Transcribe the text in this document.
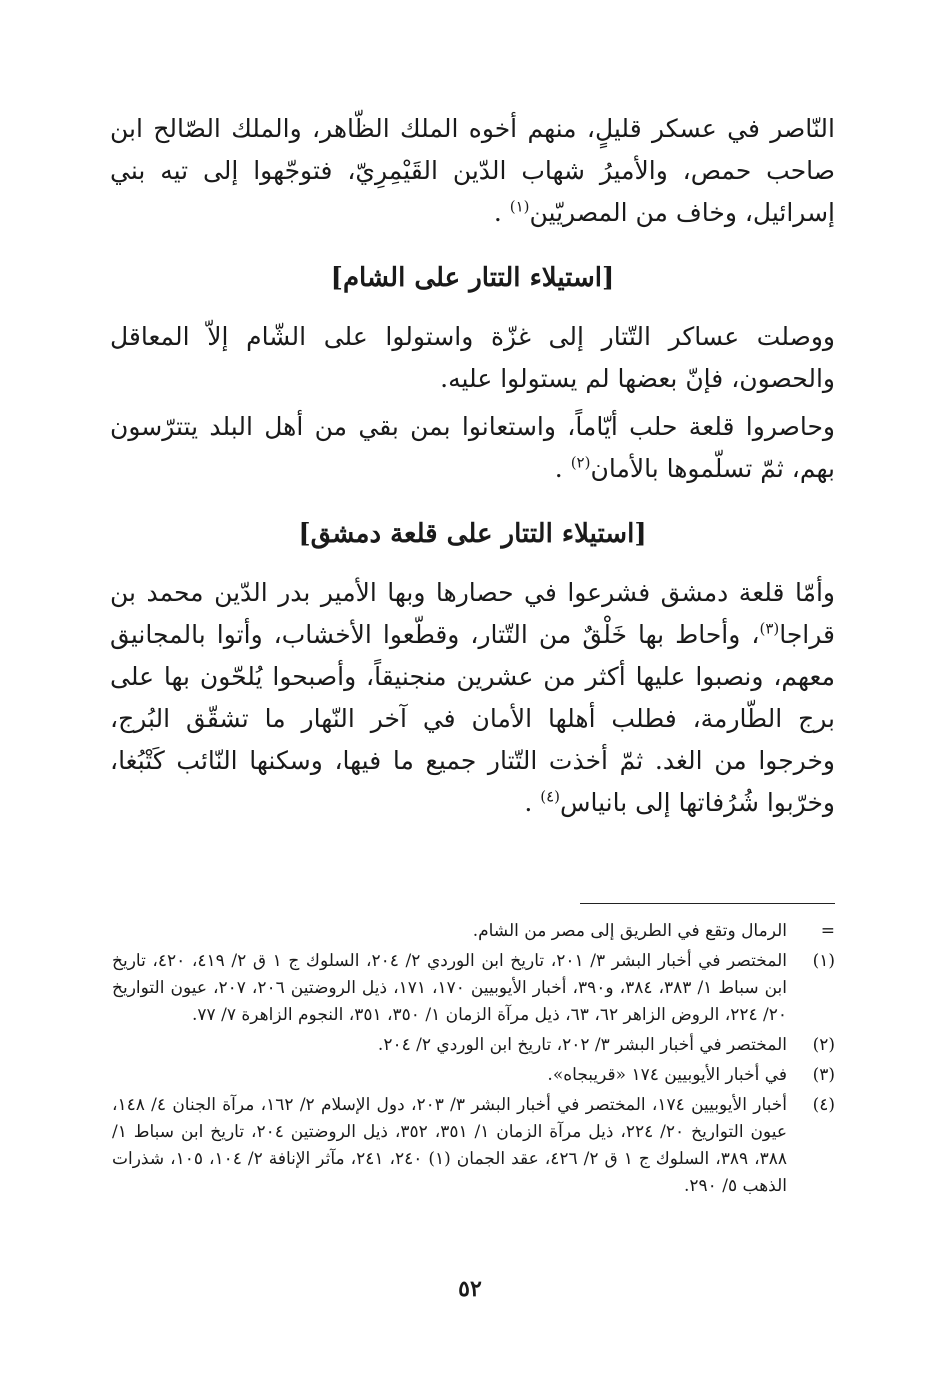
النّاصر في عسكر قليلٍ، منهم أخوه الملك الظّاهر، والملك الصّالح ابن صاحب حمص، والأميرُ شهاب الدّين القَيْمِرِيّ، فتوجّهوا إلى تيه بني إسرائيل، وخاف من المصريّين$^{(١)}$ .

[استيلاء التتار على الشام]

ووصلت عساكر التّتار إلى غزّة واستولوا على الشّام إلاّ المعاقل والحصون، فإنّ بعضها لم يستولوا عليه.

وحاصروا قلعة حلب أيّاماً، واستعانوا بمن بقي من أهل البلد يتترّسون بهم، ثمّ تسلّموها بالأمان$^{(٢)}$ .

[استيلاء التتار على قلعة دمشق]

وأمّا قلعة دمشق فشرعوا في حصارها وبها الأمير بدر الدّين محمد بن قراجا$^{(٣)}$، وأحاط بها خَلْقٌ من التّتار، وقطّعوا الأخشاب، وأتوا بالمجانيق معهم، ونصبوا عليها أكثر من عشرين منجنيقاً، وأصبحوا يُلحّون بها على برج الطّارمة، فطلب أهلها الأمان في آخر النّهار ما تشقّق البُرج، وخرجوا من الغد. ثمّ أخذت التّتار جميع ما فيها، وسكنها النّائب كَتْبُغا، وخرّبوا شُرُفاتها إلى بانياس$^{(٤)}$ .

=
الرمال وتقع في الطريق إلى مصر من الشام.
(١)
المختصر في أخبار البشر ٣/ ٢٠١، تاريخ ابن الوردي ٢/ ٢٠٤، السلوك ج ١ ق ٢/ ٤١٩، ٤٢٠، تاريخ ابن سباط ١/ ٣٨٣، ٣٨٤، و٣٩٠، أخبار الأيوبيين ١٧٠، ١٧١، ذيل الروضتين ٢٠٦، ٢٠٧، عيون التواريخ ٢٠/ ٢٢٤، الروض الزاهر ٦٢، ٦٣، ذيل مرآة الزمان ١/ ٣٥٠، ٣٥١، النجوم الزاهرة ٧/ ٧٧.
(٢)
المختصر في أخبار البشر ٣/ ٢٠٢، تاريخ ابن الوردي ٢/ ٢٠٤.
(٣)
في أخبار الأيوبيين ١٧٤ «قريبجاه».
(٤)
أخبار الأيوبيين ١٧٤، المختصر في أخبار البشر ٣/ ٢٠٣، دول الإسلام ٢/ ١٦٢، مرآة الجنان ٤/ ١٤٨، عيون التواريخ ٢٠/ ٢٢٤، ذيل مرآة الزمان ١/ ٣٥١، ٣٥٢، ذيل الروضتين ٢٠٤، تاريخ ابن سباط ١/ ٣٨٨، ٣٨٩، السلوك ج ١ ق ٢/ ٤٢٦، عقد الجمان (١) ٢٤٠، ٢٤١، مآثر الإنافة ٢/ ١٠٤، ١٠٥، شذرات الذهب ٥/ ٢٩٠.
٥٢
